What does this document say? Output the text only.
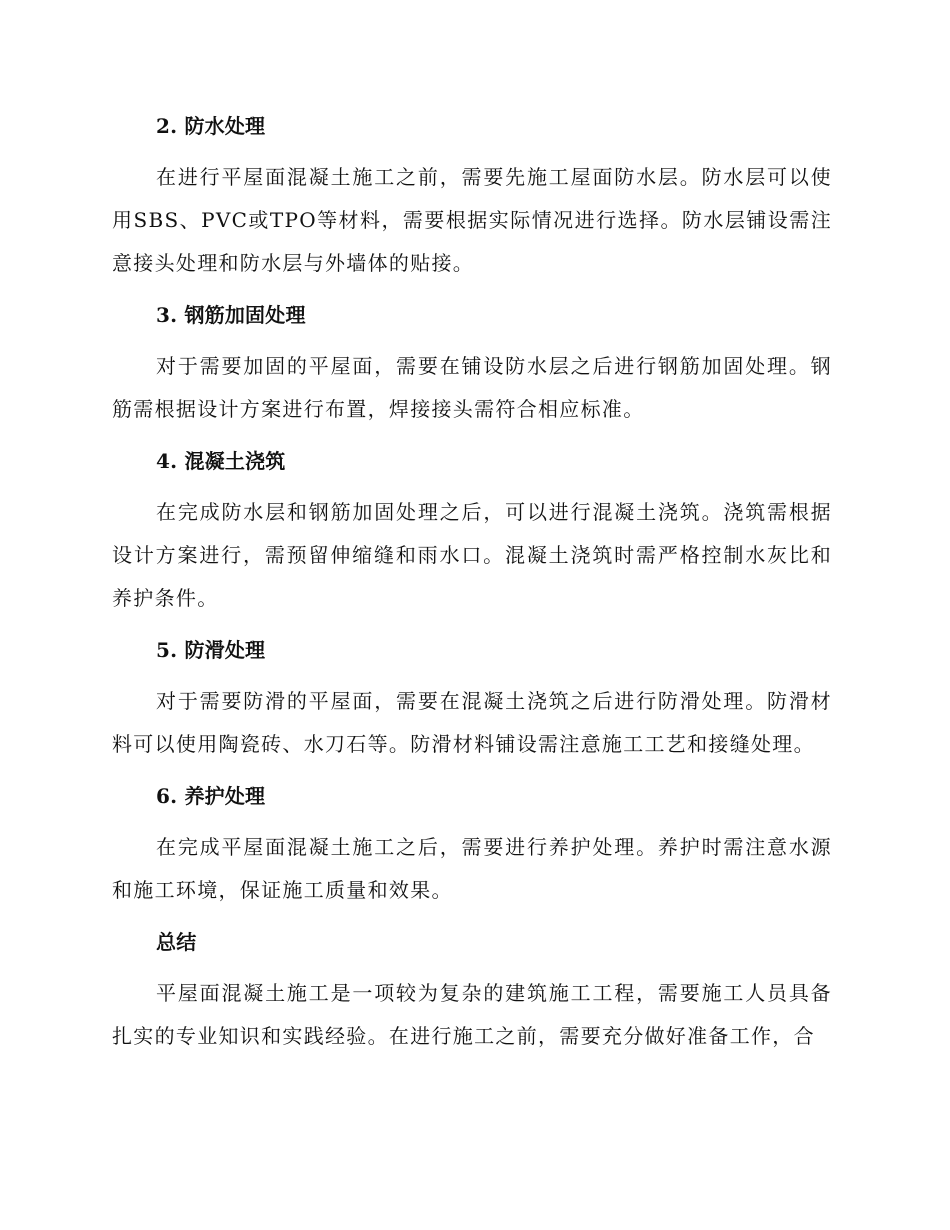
2. 防水处理

在进行平屋面混凝土施工之前，需要先施工屋面防水层。防水层可以使用SBS、PVC或TPO等材料，需要根据实际情况进行选择。防水层铺设需注意接头处理和防水层与外墙体的贴接。

3. 钢筋加固处理

对于需要加固的平屋面，需要在铺设防水层之后进行钢筋加固处理。钢筋需根据设计方案进行布置，焊接接头需符合相应标准。

4. 混凝土浇筑

在完成防水层和钢筋加固处理之后，可以进行混凝土浇筑。浇筑需根据设计方案进行，需预留伸缩缝和雨水口。混凝土浇筑时需严格控制水灰比和养护条件。

5. 防滑处理

对于需要防滑的平屋面，需要在混凝土浇筑之后进行防滑处理。防滑材料可以使用陶瓷砖、水刀石等。防滑材料铺设需注意施工工艺和接缝处理。

6. 养护处理

在完成平屋面混凝土施工之后，需要进行养护处理。养护时需注意水源和施工环境，保证施工质量和效果。

总结

平屋面混凝土施工是一项较为复杂的建筑施工工程，需要施工人员具备扎实的专业知识和实践经验。在进行施工之前，需要充分做好准备工作，合
